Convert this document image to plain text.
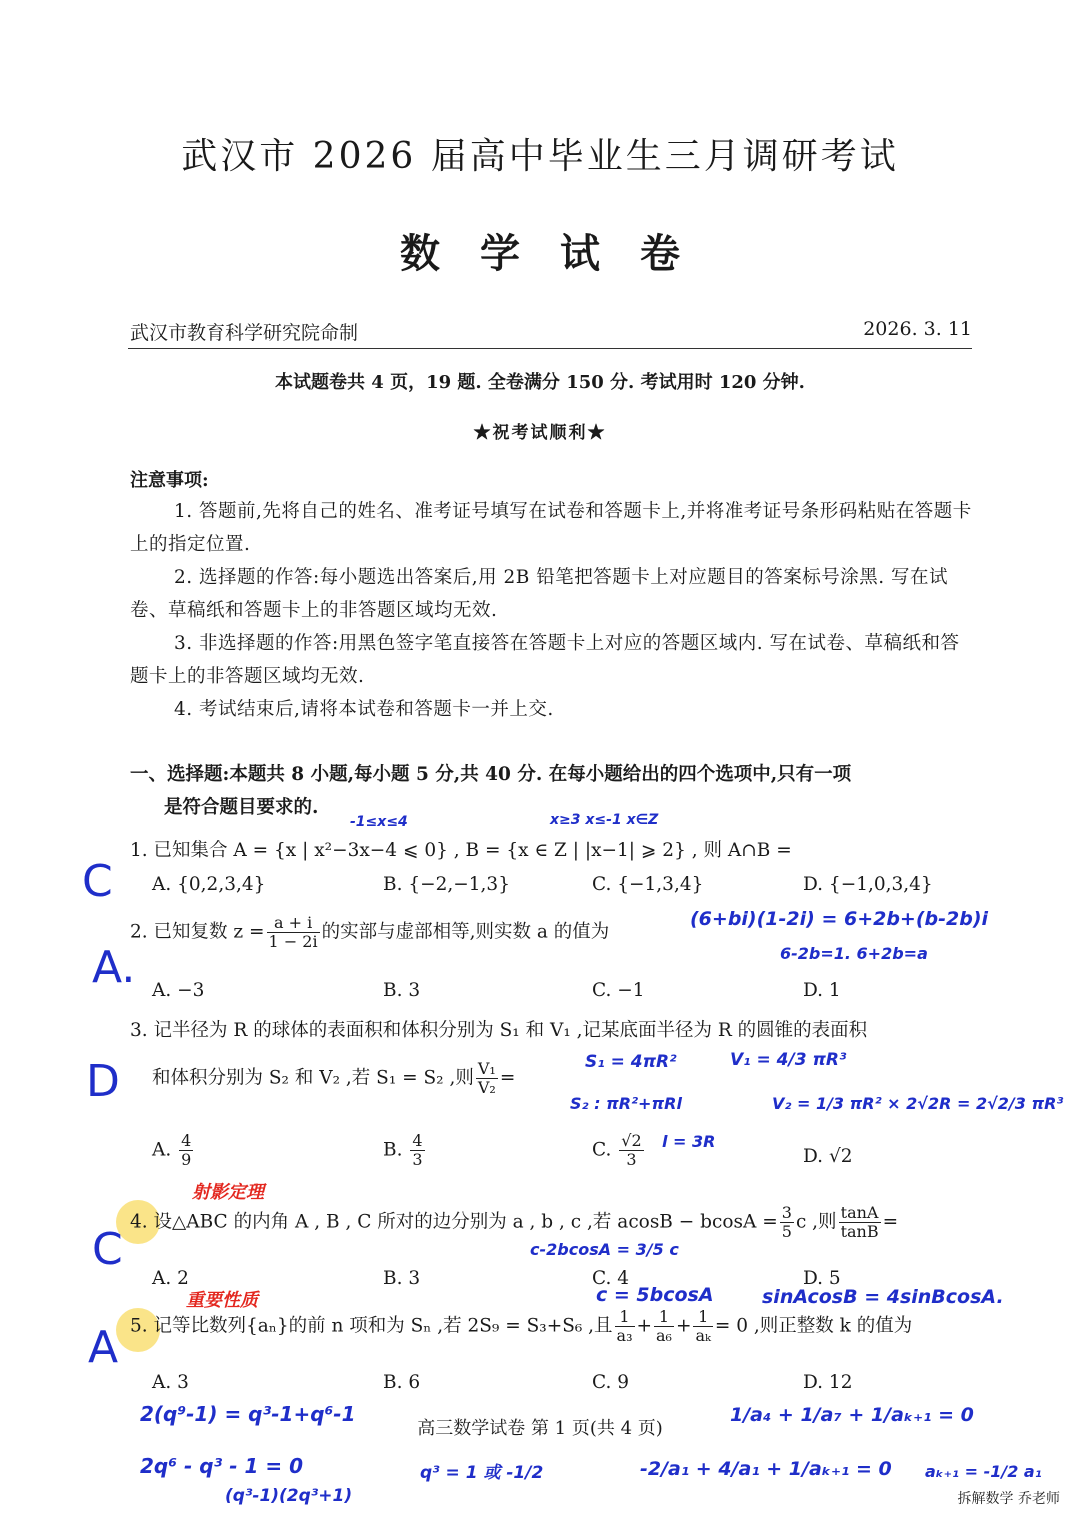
武汉市 2026 届高中毕业生三月调研考试
数学试卷
武汉市教育科学研究院命制	2026. 3. 11
本试题卷共 4 页，19 题. 全卷满分 150 分. 考试用时 120 分钟.
★祝考试顺利★
注意事项:
1. 答题前,先将自己的姓名、准考证号填写在试卷和答题卡上,并将准考证号条形码粘贴在答题卡上的指定位置.
2. 选择题的作答:每小题选出答案后,用 2B 铅笔把答题卡上对应题目的答案标号涂黑. 写在试卷、草稿纸和答题卡上的非答题区域均无效.
3. 非选择题的作答:用黑色签字笔直接答在答题卡上对应的答题区域内. 写在试卷、草稿纸和答题卡上的非答题区域均无效.
4. 考试结束后,请将本试卷和答题卡一并上交.
一、选择题:本题共 8 小题,每小题 5 分,共 40 分. 在每小题给出的四个选项中,只有一项
是符合题目要求的.
1. 已知集合 A = {x | x²−3x−4 ⩽ 0} , B = {x ∈ Z | |x−1| ⩾ 2} , 则 A∩B =
A. {0,2,3,4}	B. {−2,−1,3}	C. {−1,3,4}	D. {−1,0,3,4}
2. 已知复数 $z = \frac{a + i}{1 - 2i}$ 的实部与虚部相等,则实数 a 的值为
A. −3	B. 3	C. −1	D. 1
3. 记半径为 R 的球体的表面积和体积分别为 S₁ 和 V₁ ,记某底面半径为 R 的圆锥的表面积
和体积分别为 S₂ 和 V₂ ,若 S₁ = S₂ ,则 $\frac{\text{V₁}}{\text{V₂}}$ =
A. $\frac{4}{9}$	B. $\frac{4}{3}$	C. $\frac{√2}{3}$	D. √2
4. 设△ABC 的内角 A , B , C 所对的边分别为 a , b , c ,若 $acosB - bcosA = \frac{3}{5}$ c ,则 $\frac{\tan A}{\tan B}$ =
A. 2	B. 3	C. 4	D. 5
5. 记等比数列{aₙ}的前 n 项和为 Sₙ ,若 2S₉ = S₃+S₆ ,且 $\frac{1}{\text{a₃}} + \frac{1}{\text{a₆}} + \frac{1}{\text{aₖ}} = 0$ ,则正整数 k 的值为
A. 3	B. 6	C. 9	D. 12
高三数学试卷 第 1 页(共 4 页)
C
A.
D
C
A
-1≤x≤4	x≥3 x≤-1 x∈Z
(6+bi)(1-2i) = 6+2b+(b-2b)i
6-2b=1. 6+2b=a
S₁ = 4πR²	V₁ = 4/3 πR³
S₂ : πR²+πRl	V₂ = 1/3 πR² × 2√2R = 2√2/3 πR³
l = 3R
射影定理
c-2bcosA = 3/5 c
c = 5bcosA	sinAcosB = 4sinBcosA.
重要性质
2(q⁹-1) = q³-1+q⁶-1
2q⁶ - q³ - 1 = 0
(q³-1)(2q³+1)
q³ = 1 或 -1/2
1/a₄ + 1/a₇ + 1/aₖ₊₁ = 0
-2/a₁ + 4/a₁ + 1/aₖ₊₁ = 0 aₖ₊₁ = -1/2 a₁
拆解数学 乔老师
